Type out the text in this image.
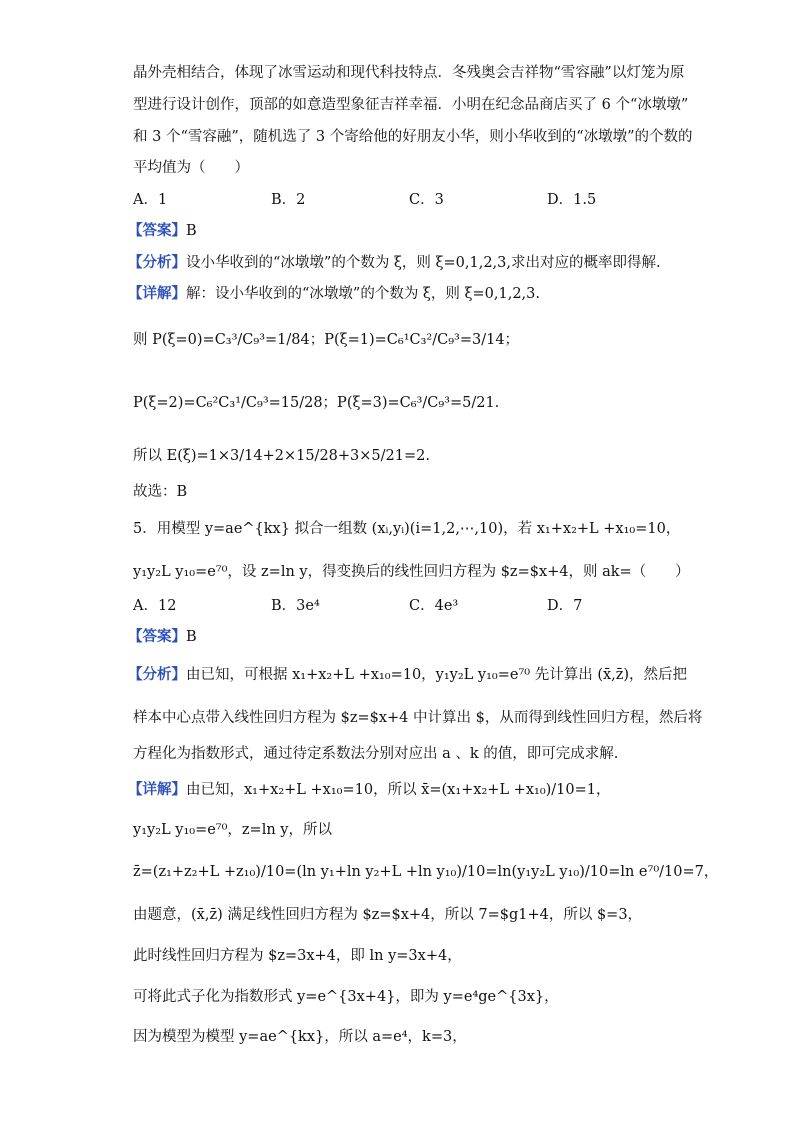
晶外壳相结合，体现了冰雪运动和现代科技特点．冬残奥会吉祥物“雪容融”以灯笼为原
型进行设计创作，顶部的如意造型象征吉祥幸福．小明在纪念品商店买了 6 个“冰墩墩”
和 3 个“雪容融”，随机选了 3 个寄给他的好朋友小华，则小华收到的“冰墩墩”的个数的
平均值为（　　）
A．1	B．2	C．3	D．1.5
【答案】B
【分析】设小华收到的“冰墩墩”的个数为 ξ，则 ξ=0,1,2,3,求出对应的概率即得解.
【详解】解：设小华收到的“冰墩墩”的个数为 ξ，则 ξ=0,1,2,3.
则 P(ξ=0)=C₃³/C₉³=1/84；P(ξ=1)=C₆¹C₃²/C₉³=3/14；
P(ξ=2)=C₆²C₃¹/C₉³=15/28；P(ξ=3)=C₆³/C₉³=5/21.
所以 E(ξ)=1×3/14+2×15/28+3×5/21=2.
故选：B
5．用模型 y=ae^{kx} 拟合一组数 (xᵢ,yᵢ)(i=1,2,⋯,10)，若 x₁+x₂+L +x₁₀=10，
y₁y₂L y₁₀=e⁷⁰，设 z=ln y，得变换后的线性回归方程为 $z=$x+4，则 ak=（　　）
A．12	B．3e⁴	C．4e³	D．7
【答案】B
【分析】由已知，可根据 x₁+x₂+L +x₁₀=10，y₁y₂L y₁₀=e⁷⁰ 先计算出 (x̄,z̄)，然后把
样本中心点带入线性回归方程为 $z=$x+4 中计算出 $，从而得到线性回归方程，然后将
方程化为指数形式，通过待定系数法分别对应出 a 、k 的值，即可完成求解.
【详解】由已知，x₁+x₂+L +x₁₀=10，所以 x̄=(x₁+x₂+L +x₁₀)/10=1，
y₁y₂L y₁₀=e⁷⁰，z=ln y，所以
z̄=(z₁+z₂+L +z₁₀)/10=(ln y₁+ln y₂+L +ln y₁₀)/10=ln(y₁y₂L y₁₀)/10=ln e⁷⁰/10=7，
由题意，(x̄,z̄) 满足线性回归方程为 $z=$x+4，所以 7=$g1+4，所以 $=3，
此时线性回归方程为 $z=3x+4，即 ln y=3x+4，
可将此式子化为指数形式 y=e^{3x+4}，即为 y=e⁴ge^{3x}，
因为模型为模型 y=ae^{kx}，所以 a=e⁴，k=3，
